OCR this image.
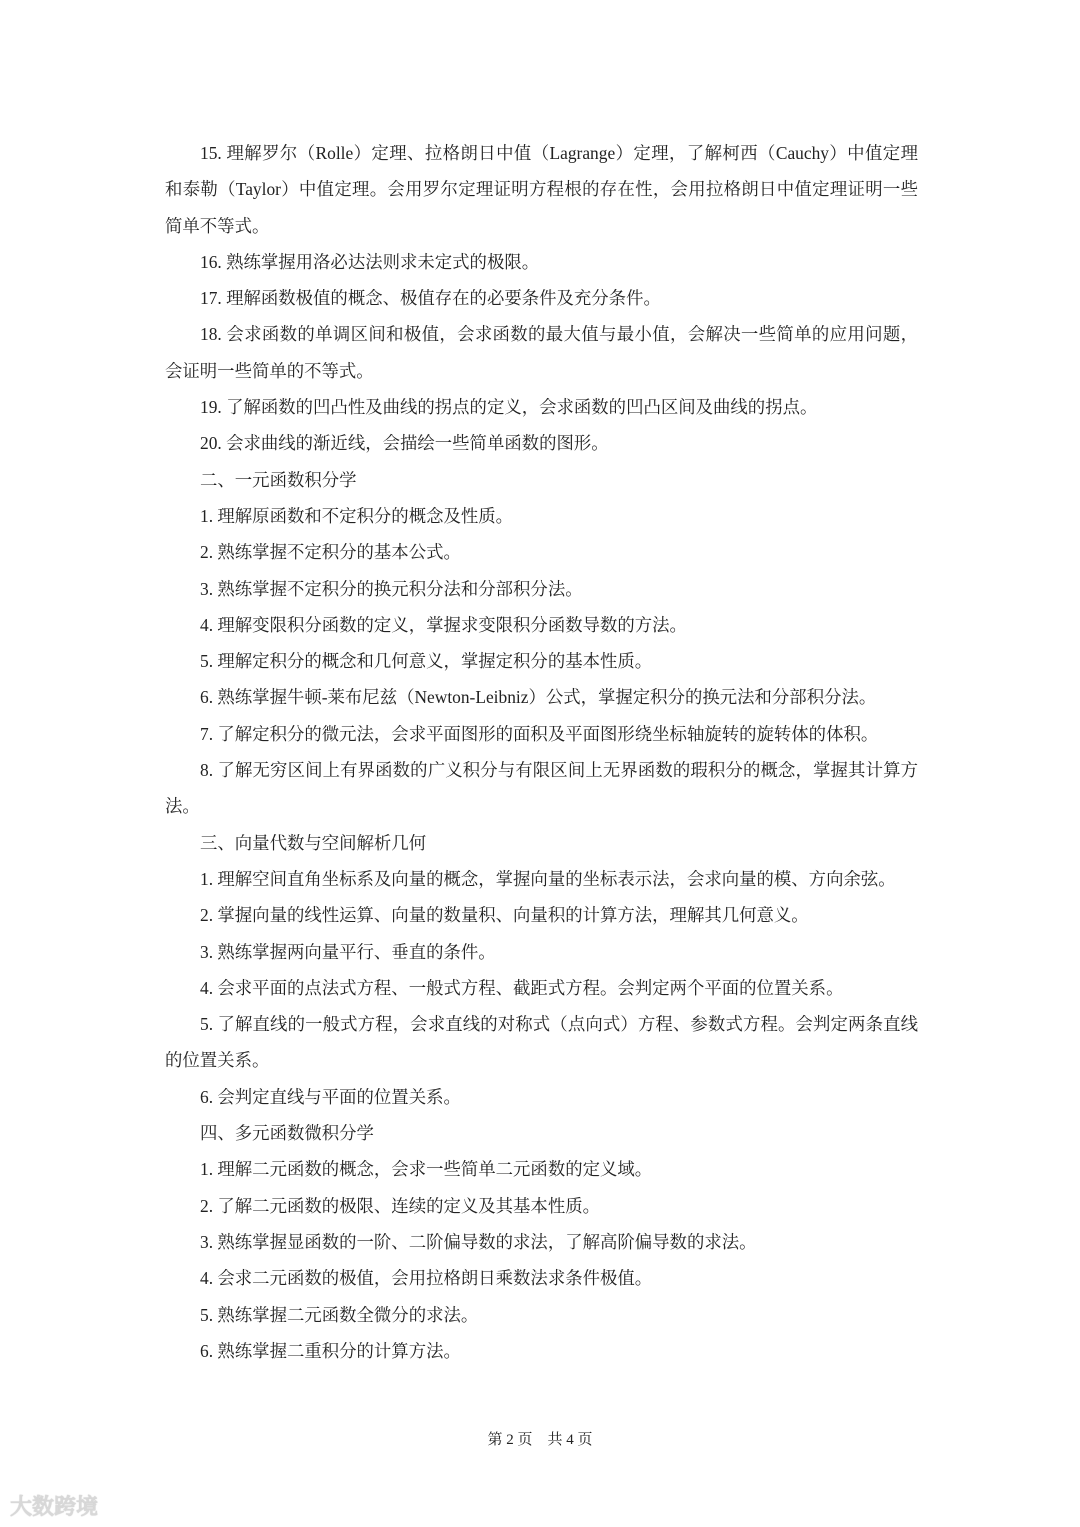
15. 理解罗尔（Rolle）定理、拉格朗日中值（Lagrange）定理，了解柯西（Cauchy）中值定理和泰勒（Taylor）中值定理。会用罗尔定理证明方程根的存在性，会用拉格朗日中值定理证明一些简单不等式。

16. 熟练掌握用洛必达法则求未定式的极限。

17. 理解函数极值的概念、极值存在的必要条件及充分条件。

18. 会求函数的单调区间和极值，会求函数的最大值与最小值，会解决一些简单的应用问题，会证明一些简单的不等式。

19. 了解函数的凹凸性及曲线的拐点的定义，会求函数的凹凸区间及曲线的拐点。

20. 会求曲线的渐近线，会描绘一些简单函数的图形。

二、一元函数积分学

1. 理解原函数和不定积分的概念及性质。

2. 熟练掌握不定积分的基本公式。

3. 熟练掌握不定积分的换元积分法和分部积分法。

4. 理解变限积分函数的定义，掌握求变限积分函数导数的方法。

5. 理解定积分的概念和几何意义，掌握定积分的基本性质。

6. 熟练掌握牛顿-莱布尼兹（Newton-Leibniz）公式，掌握定积分的换元法和分部积分法。

7. 了解定积分的微元法，会求平面图形的面积及平面图形绕坐标轴旋转的旋转体的体积。

8. 了解无穷区间上有界函数的广义积分与有限区间上无界函数的瑕积分的概念，掌握其计算方法。

三、向量代数与空间解析几何

1. 理解空间直角坐标系及向量的概念，掌握向量的坐标表示法，会求向量的模、方向余弦。

2. 掌握向量的线性运算、向量的数量积、向量积的计算方法，理解其几何意义。

3. 熟练掌握两向量平行、垂直的条件。

4. 会求平面的点法式方程、一般式方程、截距式方程。会判定两个平面的位置关系。

5. 了解直线的一般式方程，会求直线的对称式（点向式）方程、参数式方程。会判定两条直线的位置关系。

6. 会判定直线与平面的位置关系。

四、多元函数微积分学

1. 理解二元函数的概念，会求一些简单二元函数的定义域。

2. 了解二元函数的极限、连续的定义及其基本性质。

3. 熟练掌握显函数的一阶、二阶偏导数的求法，了解高阶偏导数的求法。

4. 会求二元函数的极值，会用拉格朗日乘数法求条件极值。

5. 熟练掌握二元函数全微分的求法。

6. 熟练掌握二重积分的计算方法。

第 2 页　共 4 页
大数跨境
